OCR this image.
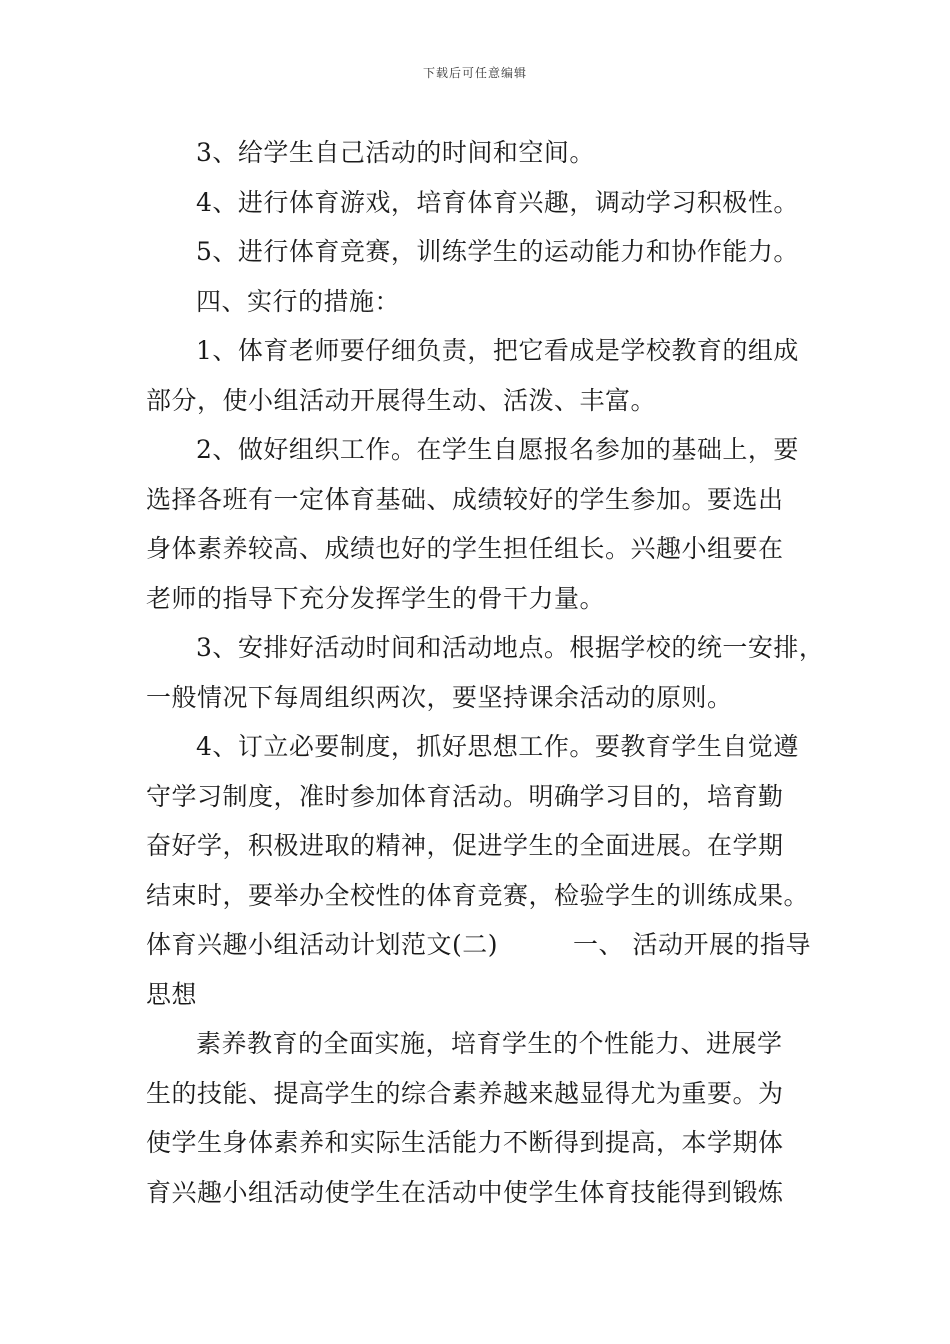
下载后可任意编辑
3、给学生自己活动的时间和空间。
4、进行体育游戏，培育体育兴趣，调动学习积极性。
5、进行体育竞赛，训练学生的运动能力和协作能力。
四、实行的措施：
1、体育老师要仔细负责，把它看成是学校教育的组成
部分，使小组活动开展得生动、活泼、丰富。
2、做好组织工作。在学生自愿报名参加的基础上，要
选择各班有一定体育基础、成绩较好的学生参加。要选出
身体素养较高、成绩也好的学生担任组长。兴趣小组要在
老师的指导下充分发挥学生的骨干力量。
3、安排好活动时间和活动地点。根据学校的统一安排，
一般情况下每周组织两次，要坚持课余活动的原则。
4、订立必要制度，抓好思想工作。要教育学生自觉遵
守学习制度，准时参加体育活动。明确学习目的，培育勤
奋好学，积极进取的精神，促进学生的全面进展。在学期
结束时，要举办全校性的体育竞赛，检验学生的训练成果。
体育兴趣小组活动计划范文(二)	一、 活动开展的指导
思想
素养教育的全面实施，培育学生的个性能力、进展学
生的技能、提高学生的综合素养越来越显得尤为重要。为
使学生身体素养和实际生活能力不断得到提高，本学期体
育兴趣小组活动使学生在活动中使学生体育技能得到锻炼
